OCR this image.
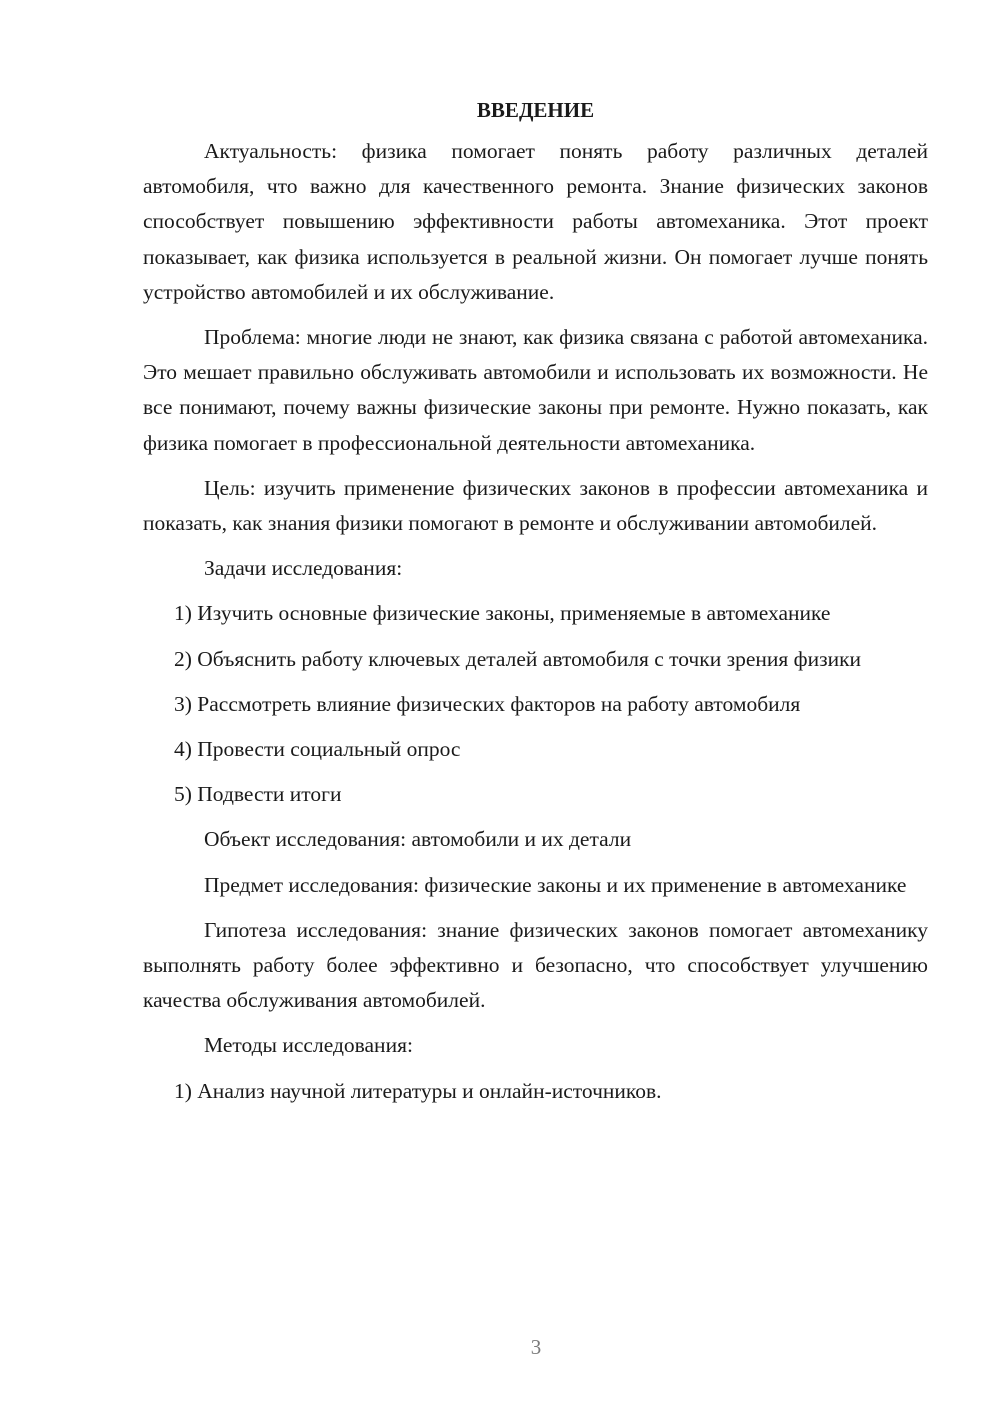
ВВЕДЕНИЕ

Актуальность: физика помогает понять работу различных деталей автомобиля, что важно для качественного ремонта. Знание физических законов способствует повышению эффективности работы автомеханика. Этот проект показывает, как физика используется в реальной жизни. Он помогает лучше понять устройство автомобилей и их обслуживание.

Проблема: многие люди не знают, как физика связана с работой автомеханика. Это мешает правильно обслуживать автомобили и использовать их возможности. Не все понимают, почему важны физические законы при ремонте. Нужно показать, как физика помогает в профессиональной деятельности автомеханика.

Цель: изучить применение физических законов в профессии автомеханика и показать, как знания физики помогают в ремонте и обслуживании автомобилей.

Задачи исследования:

1) Изучить основные физические законы, применяемые в автомеханике

2) Объяснить работу ключевых деталей автомобиля с точки зрения физики

3) Рассмотреть влияние физических факторов на работу автомобиля

4) Провести социальный опрос

5) Подвести итоги

Объект исследования: автомобили и их детали

Предмет исследования: физические законы и их применение в автомеханике

Гипотеза исследования: знание физических законов помогает автомеханику выполнять работу более эффективно и безопасно, что способствует улучшению качества обслуживания автомобилей.

Методы исследования:

1) Анализ научной литературы и онлайн-источников.

3
